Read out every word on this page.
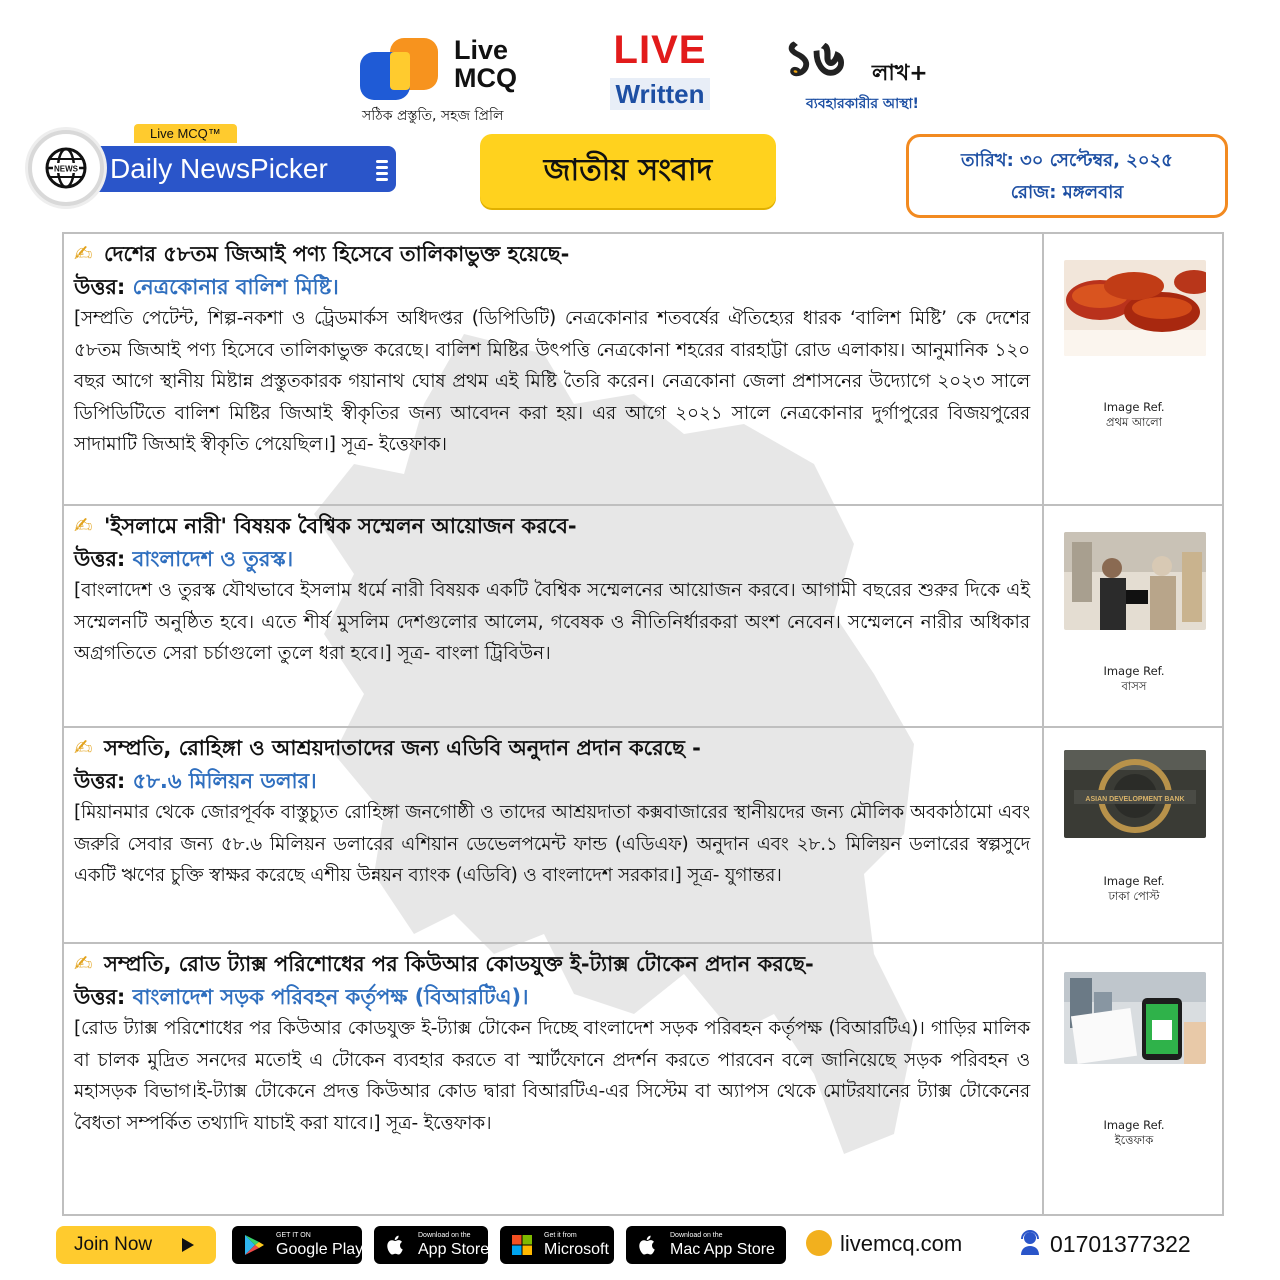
Live
MCQ
সঠিক প্রস্তুতি, সহজ প্রিলি
LIVE
Written
১৬ লাখ+
ব্যবহারকারীর আস্থা!
Live MCQ™
Daily NewsPicker
NEWS	জাতীয় সংবাদ	তারিখ: ৩০ সেপ্টেম্বর, ২০২৫
রোজ: মঙ্গলবার
✍ দেশের ৫৮তম জিআই পণ্য হিসেবে তালিকাভুক্ত হয়েছে-
উত্তর: নেত্রকোনার বালিশ মিষ্টি।
[সম্প্রতি পেটেন্ট, শিল্প-নকশা ও ট্রেডমার্কস অধিদপ্তর (ডিপিডিটি) নেত্রকোনার শতবর্ষের ঐতিহ্যের ধারক ‘বালিশ মিষ্টি’ কে দেশের ৫৮তম জিআই পণ্য হিসেবে তালিকাভুক্ত করেছে। বালিশ মিষ্টির উৎপত্তি নেত্রকোনা শহরের বারহাট্টা রোড এলাকায়। আনুমানিক ১২০ বছর আগে স্থানীয় মিষ্টান্ন প্রস্তুতকারক গয়ানাথ ঘোষ প্রথম এই মিষ্টি তৈরি করেন। নেত্রকোনা জেলা প্রশাসনের উদ্যোগে ২০২৩ সালে ডিপিডিটিতে বালিশ মিষ্টির জিআই স্বীকৃতির জন্য আবেদন করা হয়। এর আগে ২০২১ সালে নেত্রকোনার দুর্গাপুরের বিজয়পুরের সাদামাটি জিআই স্বীকৃতি পেয়েছিল।] সূত্র- ইত্তেফাক।
Image Ref.
প্রথম আলো
✍ 'ইসলামে নারী' বিষয়ক বৈশ্বিক সম্মেলন আয়োজন করবে-
উত্তর: বাংলাদেশ ও তুরস্ক।
[বাংলাদেশ ও তুরস্ক যৌথভাবে ইসলাম ধর্মে নারী বিষয়ক একটি বৈশ্বিক সম্মেলনের আয়োজন করবে। আগামী বছরের শুরুর দিকে এই সম্মেলনটি অনুষ্ঠিত হবে। এতে শীর্ষ মুসলিম দেশগুলোর আলেম, গবেষক ও নীতিনির্ধারকরা অংশ নেবেন। সম্মেলনে নারীর অধিকার অগ্রগতিতে সেরা চর্চাগুলো তুলে ধরা হবে।] সূত্র- বাংলা ট্রিবিউন।
Image Ref.
বাসস
✍ সম্প্রতি, রোহিঙ্গা ও আশ্রয়দাতাদের জন্য এডিবি অনুদান প্রদান করেছে -
উত্তর: ৫৮.৬ মিলিয়ন ডলার।
[মিয়ানমার থেকে জোরপূর্বক বাস্তুচ্যুত রোহিঙ্গা জনগোষ্ঠী ও তাদের আশ্রয়দাতা কক্সবাজারের স্থানীয়দের জন্য মৌলিক অবকাঠামো এবং জরুরি সেবার জন্য ৫৮.৬ মিলিয়ন ডলারের এশিয়ান ডেভেলপমেন্ট ফান্ড (এডিএফ) অনুদান এবং ২৮.১ মিলিয়ন ডলারের স্বল্পসুদে একটি ঋণের চুক্তি স্বাক্ষর করেছে এশীয় উন্নয়ন ব্যাংক (এডিবি) ও বাংলাদেশ সরকার।] সূত্র- যুগান্তর।
ASIAN DEVELOPMENT BANK
Image Ref.
ঢাকা পোস্ট
✍ সম্প্রতি, রোড ট্যাক্স পরিশোধের পর কিউআর কোডযুক্ত ই-ট্যাক্স টোকেন প্রদান করছে-
উত্তর: বাংলাদেশ সড়ক পরিবহন কর্তৃপক্ষ (বিআরটিএ)।
[রোড ট্যাক্স পরিশোধের পর কিউআর কোডযুক্ত ই-ট্যাক্স টোকেন দিচ্ছে বাংলাদেশ সড়ক পরিবহন কর্তৃপক্ষ (বিআরটিএ)। গাড়ির মালিক বা চালক মুদ্রিত সনদের মতোই এ টোকেন ব্যবহার করতে বা স্মার্টফোনে প্রদর্শন করতে পারবেন বলে জানিয়েছে সড়ক পরিবহন ও মহাসড়ক বিভাগ।ই-ট্যাক্স টোকেনে প্রদত্ত কিউআর কোড দ্বারা বিআরটিএ-এর সিস্টেম বা অ্যাপস থেকে মোটরযানের ট্যাক্স টোকেনের বৈধতা সম্পর্কিত তথ্যাদি যাচাই করা যাবে।] সূত্র- ইত্তেফাক।	Image Ref.
ইত্তেফাক
Join Now	GET IT ON
Google Play
Download on the
App Store
Get it from
Microsoft
Download on the
Mac App Store	livemcq.com	01701377322
